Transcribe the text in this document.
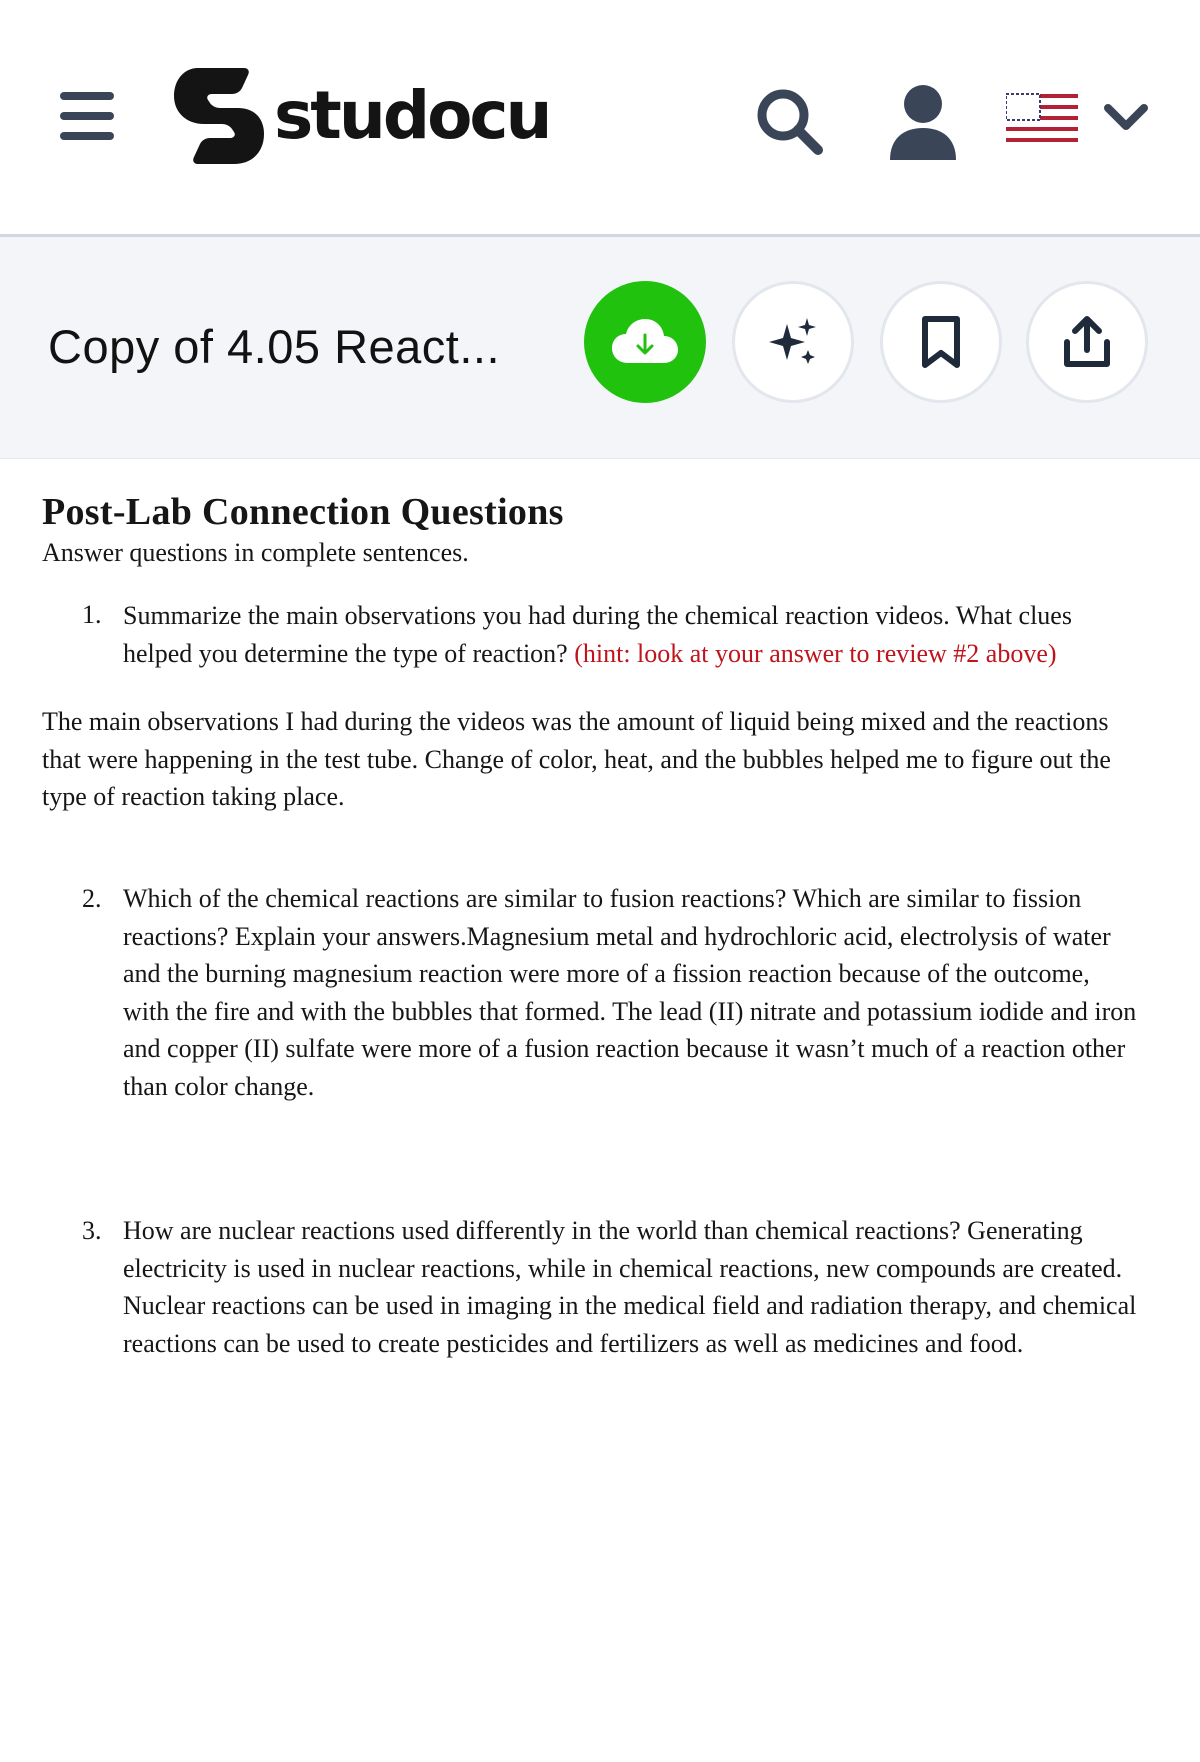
studocu
Copy of 4.05 React...
Post-Lab Connection Questions
Answer questions in complete sentences.
1. Summarize the main observations you had during the chemical reaction videos. What clues helped you determine the type of reaction? (hint: look at your answer to review #2 above)
The main observations I had during the videos was the amount of liquid being mixed and the reactions that were happening in the test tube. Change of color, heat, and the bubbles helped me to figure out the type of reaction taking place.
2. Which of the chemical reactions are similar to fusion reactions? Which are similar to fission reactions? Explain your answers.Magnesium metal and hydrochloric acid, electrolysis of water and the burning magnesium reaction were more of a fission reaction because of the outcome, with the fire and with the bubbles that formed. The lead (II) nitrate and potassium iodide and iron and copper (II) sulfate were more of a fusion reaction because it wasn’t much of a reaction other than color change.
3. How are nuclear reactions used differently in the world than chemical reactions? Generating electricity is used in nuclear reactions, while in chemical reactions, new compounds are created. Nuclear reactions can be used in imaging in the medical field and radiation therapy, and chemical reactions can be used to create pesticides and fertilizers as well as medicines and food.
